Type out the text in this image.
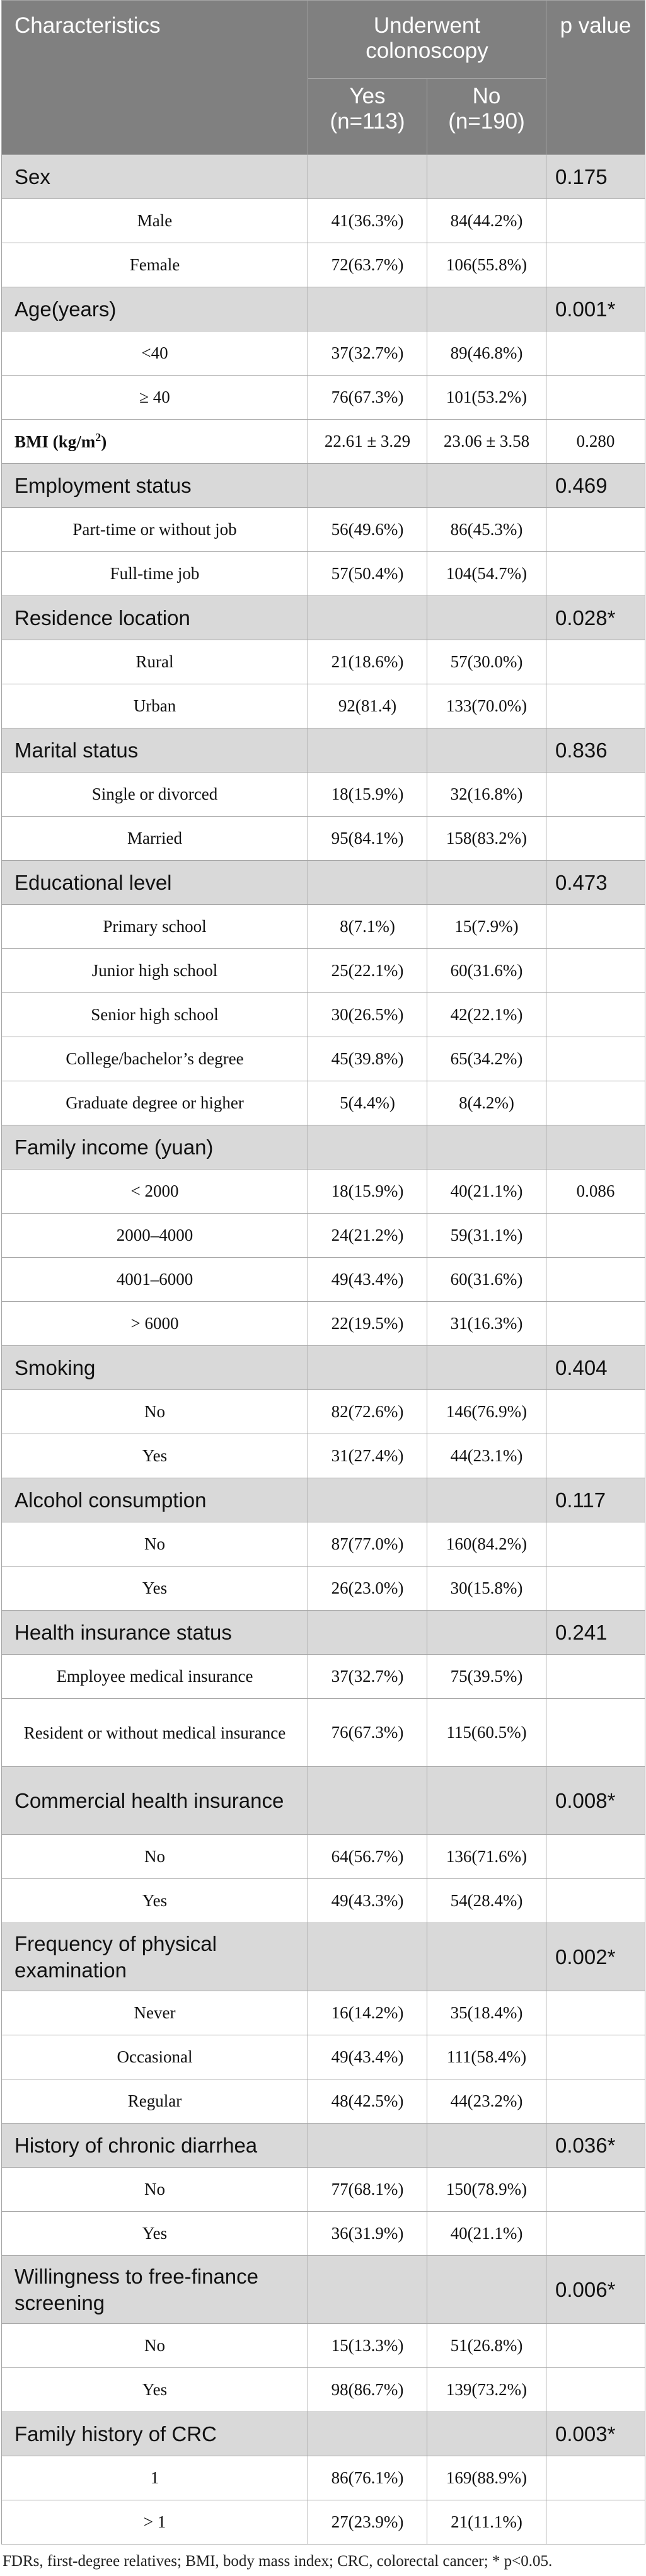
Characteristics	Underwent colonoscopy		p value
	Yes (n=113)	No (n=190)	
Sex			0.175
Male	41(36.3%)	84(44.2%)	
Female	72(63.7%)	106(55.8%)	
Age(years)			0.001*
<40	37(32.7%)	89(46.8%)	
≥ 40	76(67.3%)	101(53.2%)	
BMI $(kg/m^2)$	22.61 ± 3.29	23.06 ± 3.58	0.280
Employment status			0.469
Part-time or without job	56(49.6%)	86(45.3%)	
Full-time job	57(50.4%)	104(54.7%)	
Residence location			0.028*
Rural	21(18.6%)	57(30.0%)	
Urban	92(81.4)	133(70.0%)	
Marital status			0.836
Single or divorced	18(15.9%)	32(16.8%)	
Married	95(84.1%)	158(83.2%)	
Educational level			0.473
Primary school	8(7.1%)	15(7.9%)	
Junior high school	25(22.1%)	60(31.6%)	
Senior high school	30(26.5%)	42(22.1%)	
College/bachelor’s degree	45(39.8%)	65(34.2%)	
Graduate degree or higher	5(4.4%)	8(4.2%)	
Family income (yuan)			
< 2000	18(15.9%)	40(21.1%)	0.086
2000–4000	24(21.2%)	59(31.1%)	
4001–6000	49(43.4%)	60(31.6%)	
> 6000	22(19.5%)	31(16.3%)	
Smoking			0.404
No	82(72.6%)	146(76.9%)	
Yes	31(27.4%)	44(23.1%)	
Alcohol consumption			0.117
No	87(77.0%)	160(84.2%)	
Yes	26(23.0%)	30(15.8%)	
Health insurance status			0.241
Employee medical insurance	37(32.7%)	75(39.5%)	
Resident or without medical insurance	76(67.3%)	115(60.5%)	
Commercial health insurance			0.008*
No	64(56.7%)	136(71.6%)	
Yes	49(43.3%)	54(28.4%)	
Frequency of physical examination			0.002*
Never	16(14.2%)	35(18.4%)	
Occasional	49(43.4%)	111(58.4%)	
Regular	48(42.5%)	44(23.2%)	
History of chronic diarrhea			0.036*
No	77(68.1%)	150(78.9%)	
Yes	36(31.9%)	40(21.1%)	
Willingness to free-finance screening			0.006*
No	15(13.3%)	51(26.8%)	
Yes	98(86.7%)	139(73.2%)	
Family history of CRC			0.003*
1	86(76.1%)	169(88.9%)	
> 1	27(23.9%)	21(11.1%)	
FDRs, first-degree relatives; BMI, body mass index; CRC, colorectal cancer; * p<0.05.
